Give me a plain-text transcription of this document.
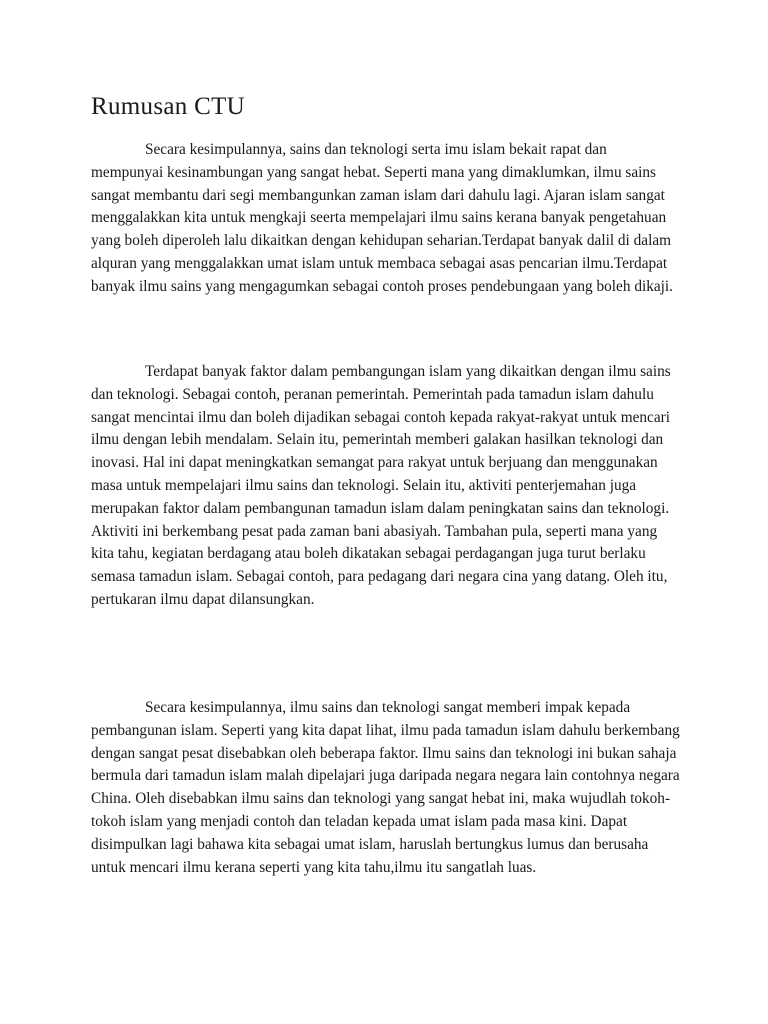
Rumusan CTU

Secara kesimpulannya, sains dan teknologi serta imu islam bekait rapat dan mempunyai kesinambungan yang sangat hebat. Seperti mana yang dimaklumkan, ilmu sains sangat membantu dari segi membangunkan zaman islam dari dahulu lagi. Ajaran islam sangat menggalakkan kita untuk mengkaji seerta mempelajari ilmu sains kerana banyak pengetahuan yang boleh diperoleh lalu dikaitkan dengan kehidupan seharian.Terdapat banyak dalil di dalam alquran yang menggalakkan umat islam untuk membaca sebagai asas pencarian ilmu.Terdapat banyak ilmu sains yang mengagumkan sebagai contoh proses pendebungaan yang boleh dikaji.

Terdapat banyak faktor dalam pembangungan islam yang dikaitkan dengan ilmu sains dan teknologi. Sebagai contoh, peranan pemerintah. Pemerintah pada tamadun islam dahulu sangat mencintai ilmu dan boleh dijadikan sebagai contoh kepada rakyat-rakyat untuk mencari ilmu dengan lebih mendalam. Selain itu, pemerintah memberi galakan hasilkan teknologi dan inovasi. Hal ini dapat meningkatkan semangat para rakyat untuk berjuang dan menggunakan masa untuk mempelajari ilmu sains dan teknologi. Selain itu, aktiviti penterjemahan juga merupakan faktor dalam pembangunan tamadun islam dalam peningkatan sains dan teknologi. Aktiviti ini berkembang pesat pada zaman bani abasiyah. Tambahan pula, seperti mana yang kita tahu, kegiatan berdagang atau boleh dikatakan sebagai perdagangan juga turut berlaku semasa tamadun islam. Sebagai contoh, para pedagang dari negara cina yang datang. Oleh itu, pertukaran ilmu dapat dilansungkan.

Secara kesimpulannya, ilmu sains dan teknologi sangat memberi impak kepada pembangunan islam. Seperti yang kita dapat lihat, ilmu pada tamadun islam dahulu berkembang dengan sangat pesat disebabkan oleh beberapa faktor. Ilmu sains dan teknologi ini bukan sahaja bermula dari tamadun islam malah dipelajari juga daripada negara negara lain contohnya negara China. Oleh disebabkan ilmu sains dan teknologi yang sangat hebat ini, maka wujudlah tokoh-tokoh islam yang menjadi contoh dan teladan kepada umat islam pada masa kini. Dapat disimpulkan lagi bahawa kita sebagai umat islam, haruslah bertungkus lumus dan berusaha untuk mencari ilmu kerana seperti yang kita tahu,ilmu itu sangatlah luas.
